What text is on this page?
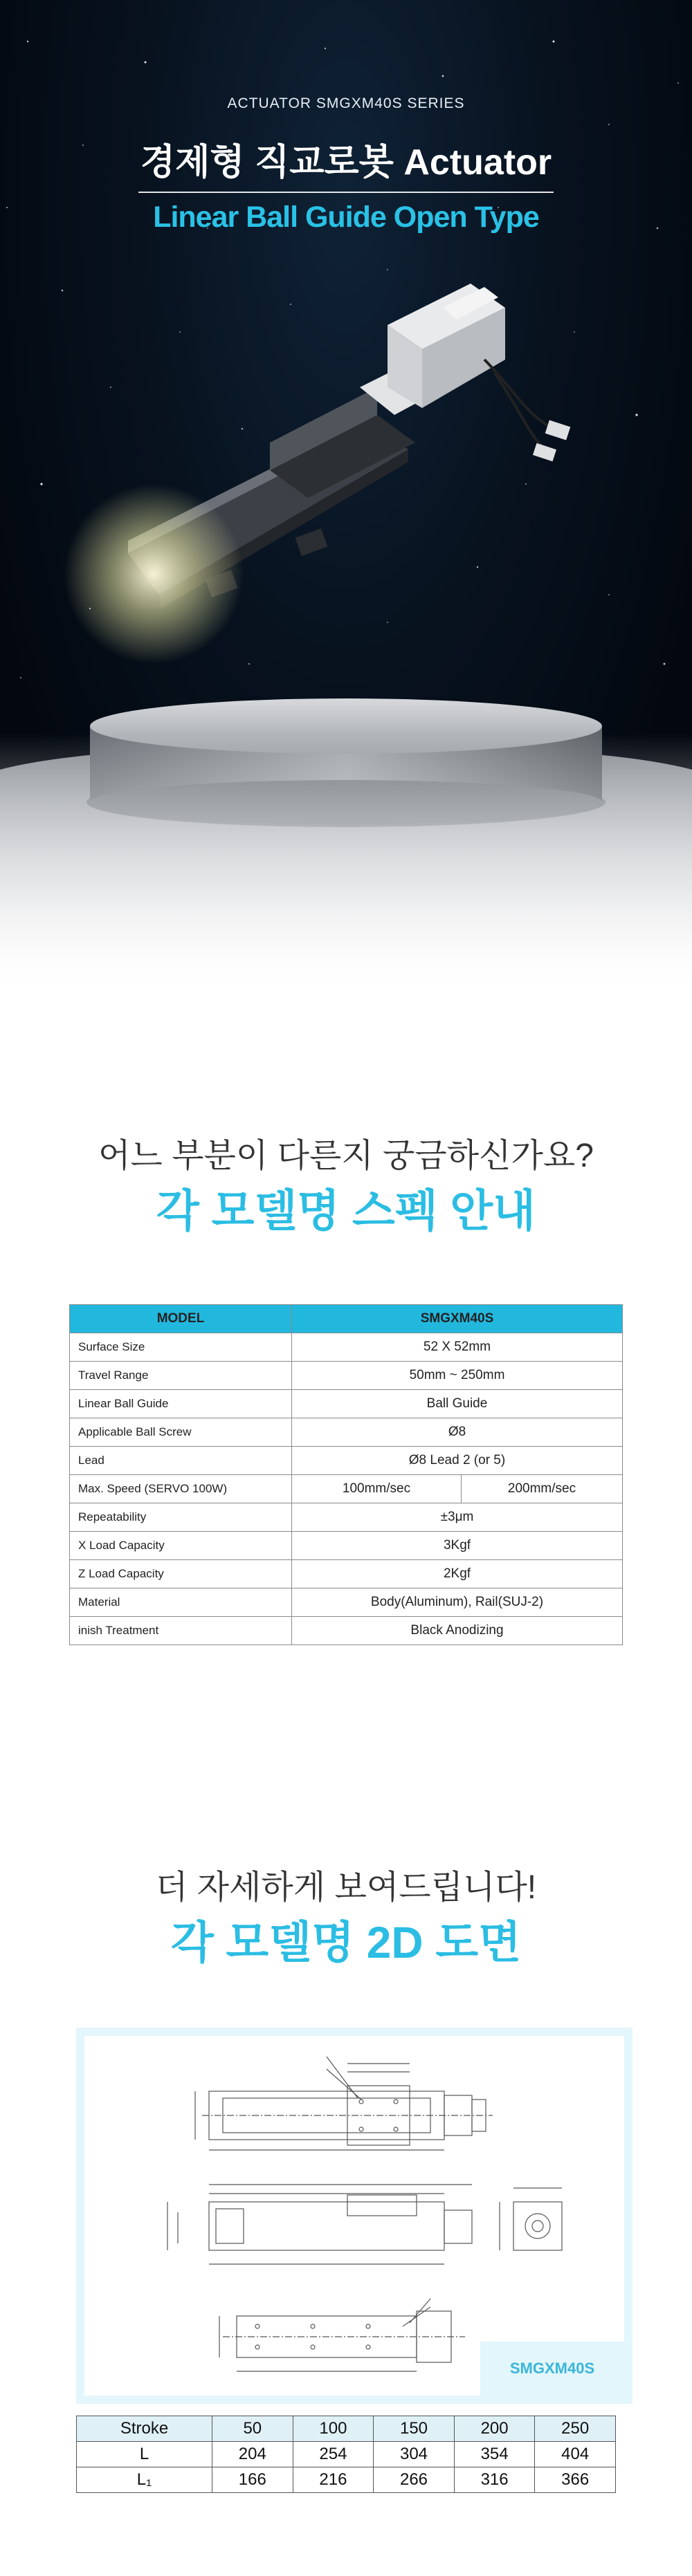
ACTUATOR SMGXM40S SERIES
경제형 직교로봇 Actuator
Linear Ball Guide Open Type
어느 부분이 다른지 궁금하신가요?
각 모델명 스펙 안내
MODEL	SMGXM40S	
Surface Size	52 X 52mm	
Travel Range	50mm ~ 250mm	
Linear Ball Guide	Ball Guide	
Applicable Ball Screw	Ø8	
Lead	Ø8 Lead 2 (or 5)	
Max. Speed (SERVO 100W)	100mm/sec	200mm/sec
Repeatability	±3μm	
X Load Capacity	3Kgf	
Z Load Capacity	2Kgf	
Material	Body(Aluminum), Rail(SUJ-2)	
inish Treatment	Black Anodizing	
더 자세하게 보여드립니다!
각 모델명 2D 도면
SMGXM40S
Stroke	50	100	150	200	250
L	204	254	304	354	404
L₁	166	216	266	316	366
